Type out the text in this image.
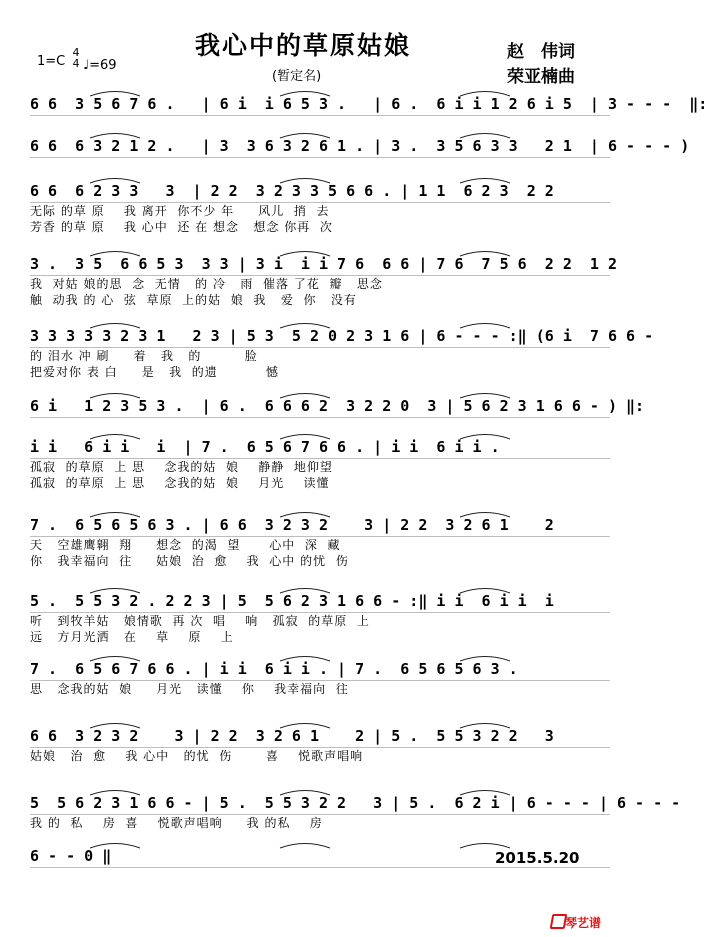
我心中的草原姑娘
(暂定名)
赵　伟词
荣亚楠曲
1=C
4
4 ♩=69
6 6  3 5 6 7 6 .   | 6 i  i 6 5 3 .   | 6 .  6 i i 1 2 6 i 5  | 3 - - -  ‖:
6 6  6 3 2 1 2 .   | 3  3 6 3 2 6 1 . | 3 .  3 5 6 3 3   2 1  | 6 - - - )
6 6  6 2 3 3   3  | 2 2  3 2 3 3 5 6 6 . | 1 1  6 2 3  2 2
无际 的草 原    我 离开  你不少 年     风儿  捎  去
芳香 的草 原    我 心中  还 在 想念   想念 你再  次
3 .  3 5  6 6 5 3  3 3 | 3 i  i i 7 6  6 6 | 7 6  7 5 6  2 2  1 2
我  对姑 娘的思  念  无情   的 冷   雨  催落 了花  瓣   思念
触  动我 的 心  弦  草原  上的姑  娘  我   爱  你   没有
3 3 3 3 3 2 3 1   2 3 | 5 3  5 2 0 2 3 1 6 | 6 - - - :‖ (6 i  7 6 6 -
的 泪水 冲 刷     着   我   的         脸
把爱对你 表 白     是   我  的遗          憾
6 i   1 2 3 5 3 .  | 6 .  6 6 6 2  3 2 2 0  3 | 5 6 2 3 1 6 6 - ) ‖:
i i   6 i i   i  | 7 .  6 5 6 7 6 6 . | i i  6 i i .
孤寂  的草原  上 思    念我的姑  娘    静静  地仰望
孤寂  的草原  上 思    念我的姑  娘    月光    读懂
7 .  6 5 6 5 6 3 . | 6 6  3 2 3 2    3 | 2 2  3 2 6 1    2
天   空雄鹰翱  翔     想念  的渴  望      心中  深  藏
你   我幸福向  往     姑娘  治  愈    我  心中 的忧  伤
5 .  5 5 3 2 . 2 2 3 | 5  5 6 2 3 1 6 6 - :‖ i i  6 i i  i
听   到牧羊姑   娘情歌  再 次  唱    响   孤寂  的草原  上
远   方月光洒   在    草    原    上
7 .  6 5 6 7 6 6 . | i i  6 i i . | 7 .  6 5 6 5 6 3 .
思   念我的姑  娘     月光   读懂    你    我幸福向  往
6 6  3 2 3 2    3 | 2 2  3 2 6 1    2 | 5 .  5 5 3 2 2   3
姑娘   治  愈    我 心中   的忧  伤       喜    悦歌声唱响
5  5 6 2 3 1 6 6 - | 5 .  5 5 3 2 2   3 | 5 .  6 2 i | 6 - - - | 6 - - -
我 的  私    房  喜    悦歌声唱响     我 的私    房
6 - - 0 ‖	2015.5.20
琴艺谱
